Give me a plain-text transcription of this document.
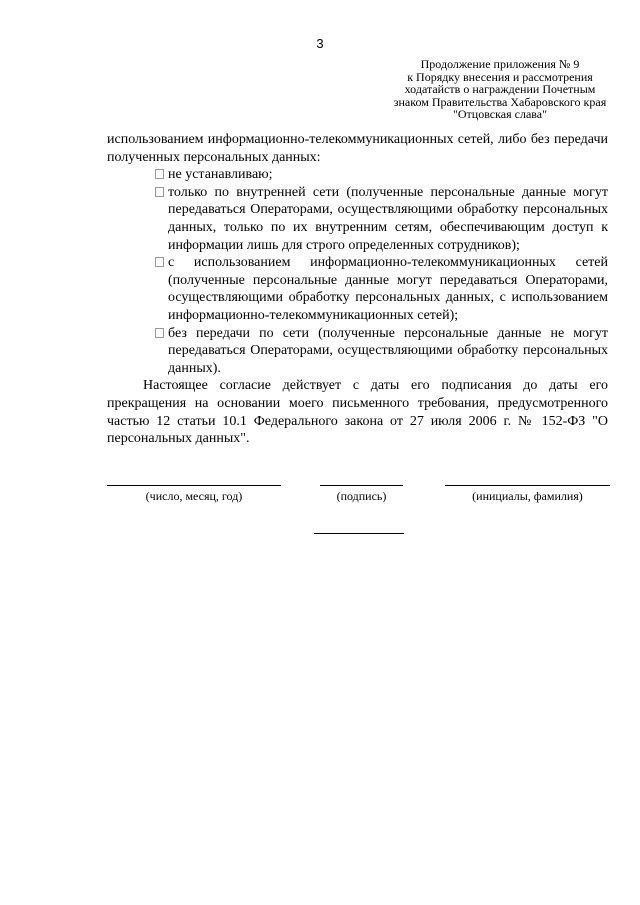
3
Продолжение приложения № 9
к Порядку внесения и рассмотрения
ходатайств о награждении Почетным
знаком Правительства Хабаровского края
"Отцовская слава"

использованием информационно-телекоммуникационных сетей, либо без передачи полученных персональных данных:

не устанавливаю;
только по внутренней сети (полученные персональные данные могут передаваться Операторами, осуществляющими обработку персональных данных, только по их внутренним сетям, обеспечивающим доступ к информации лишь для строго определенных сотрудников);
с использованием информационно-телекоммуникационных сетей (полученные персональные данные могут передаваться Операторами, осуществляющими обработку персональных данных, с использованием информационно-телекоммуникационных сетей);
без передачи по сети (полученные персональные данные не могут передаваться Операторами, осуществляющими обработку персональных данных).

Настоящее согласие действует с даты его подписания до даты его прекращения на основании моего письменного требования, предусмотренного частью 12 статьи 10.1 Федерального закона от 27 июля 2006 г. № 152-ФЗ "О персональных данных".

(число, месяц, год)	(подпись)	(инициалы, фамилия)
